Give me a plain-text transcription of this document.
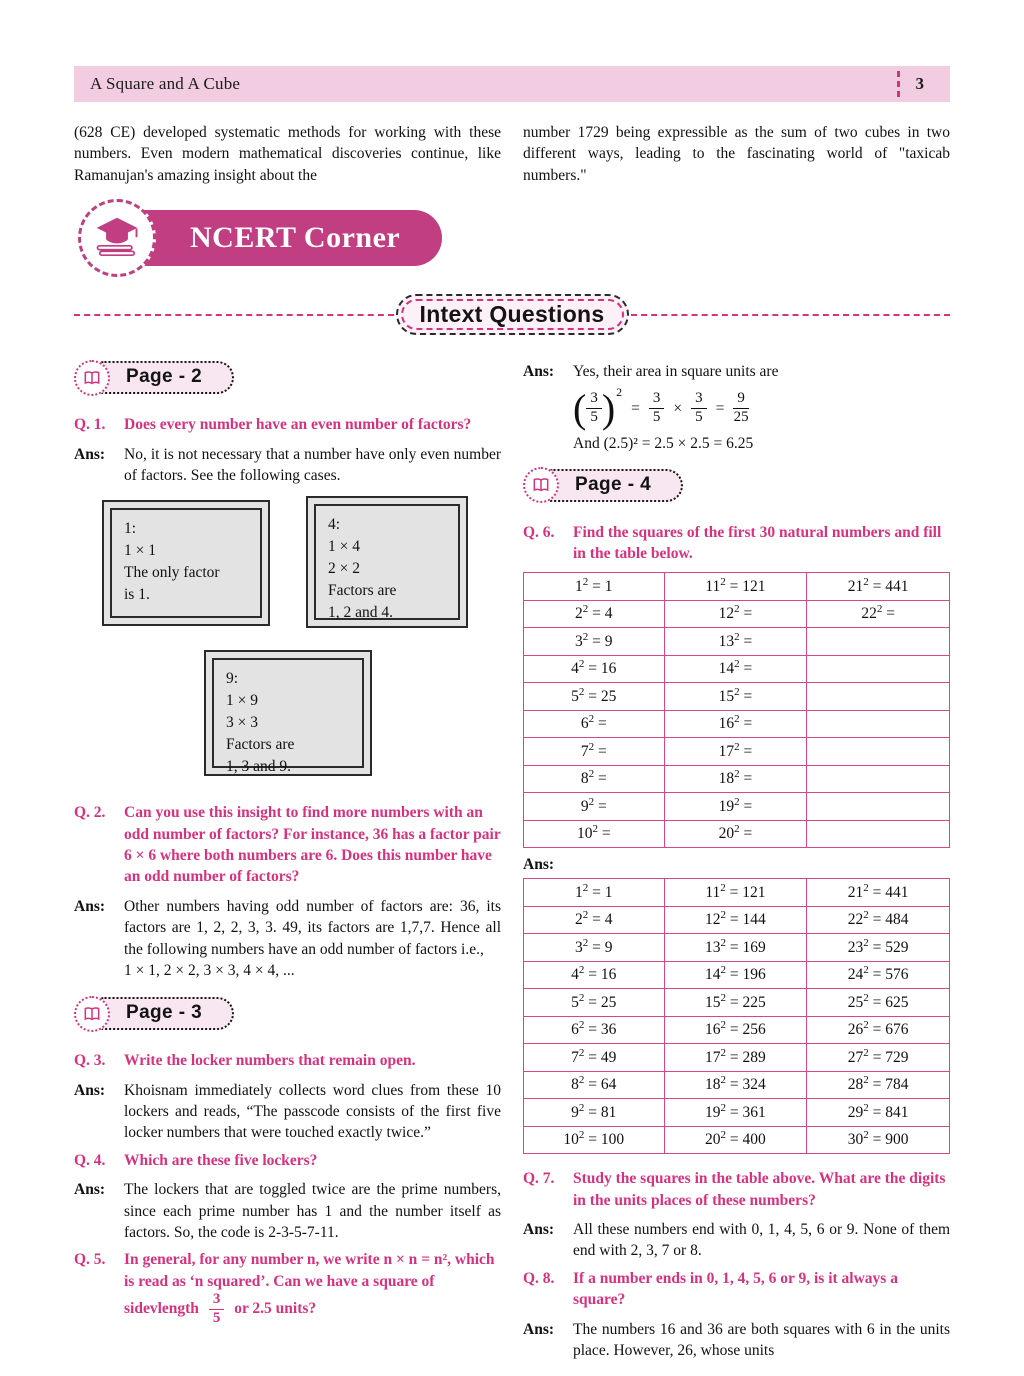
A Square and A Cube	3

(628 CE) developed systematic methods for working with these numbers. Even modern mathematical discoveries continue, like Ramanujan's amazing insight about the

number 1729 being expressible as the sum of two cubes in two different ways, leading to the fascinating world of "taxicab numbers."

NCERT Corner
Intext Questions
Page - 2
Q. 1.	Does every number have an even number of factors?
Ans:	No, it is not necessary that a number have only even number of factors. See the following cases.
1:
1 × 1
The only factor
is 1.
4:
1 × 4
2 × 2
Factors are
1, 2 and 4.
9:
1 × 9
3 × 3
Factors are
1, 3 and 9.
Q. 2.	Can you use this insight to find more numbers with an odd number of factors? For instance, 36 has a factor pair 6 × 6 where both numbers are 6. Does this number have an odd number of factors?
Ans:	Other numbers having odd number of factors are: 36, its factors are 1, 2, 2, 3, 3. 49, its factors are 1,7,7. Hence all the following numbers have an odd number of factors i.e.,
1 × 1, 2 × 2, 3 × 3, 4 × 4, ...
Page - 3
Q. 3.	Write the locker numbers that remain open.
Ans:	Khoisnam immediately collects word clues from these 10 lockers and reads, “The passcode consists of the first five locker numbers that were touched exactly twice.”
Q. 4.	Which are these five lockers?
Ans:	The lockers that are toggled twice are the prime numbers, since each prime number has 1 and the number itself as factors. So, the code is 2-3-5-7-11.
Q. 5.	In general, for any number n, we write n × n = n², which is read as ‘n squared’. Can we have a square of sidevlength $\frac{3}{5}$ or 2.5 units?
Ans:	Yes, their area in square units are
( $\frac{3}{5}$ ) 2
= $\frac{3}{5} \times \frac{3}{5} = \frac{9}{25}$
And (2.5)² = 2.5 × 2.5 = 6.25
Page - 4
Q. 6.	Find the squares of the first 30 natural numbers and fill in the table below.
$1^2 = 1$	$11^2 = 121$	$21^2 = 441$
$2^2 = 4$	$12^2$ =	$22^2$ =
$3^2 = 9$	$13^2$ =	
$4^2 = 16$	$14^2$ =	
$5^2 = 25$	$15^2$ =	
$6^2$ =	$16^2$ =	
$7^2$ =	$17^2$ =	
$8^2$ =	$18^2$ =	
$9^2$ =	$19^2$ =	
$10^2$ =	$20^2$ =	
Ans:
$1^2 = 1$	$11^2 = 121$	$21^2 = 441$
$2^2 = 4$	$12^2 = 144$	$22^2 = 484$
$3^2 = 9$	$13^2 = 169$	$23^2 = 529$
$4^2 = 16$	$14^2 = 196$	$24^2 = 576$
$5^2 = 25$	$15^2 = 225$	$25^2 = 625$
$6^2 = 36$	$16^2 = 256$	$26^2 = 676$
$7^2 = 49$	$17^2 = 289$	$27^2 = 729$
$8^2 = 64$	$18^2 = 324$	$28^2 = 784$
$9^2 = 81$	$19^2 = 361$	$29^2 = 841$
$10^2 = 100$	$20^2 = 400$	$30^2 = 900$
Q. 7.	Study the squares in the table above. What are the digits in the units places of these numbers?
Ans:	All these numbers end with 0, 1, 4, 5, 6 or 9. None of them end with 2, 3, 7 or 8.
Q. 8.	If a number ends in 0, 1, 4, 5, 6 or 9, is it always a square?
Ans:	The numbers 16 and 36 are both squares with 6 in the units place. However, 26, whose units
